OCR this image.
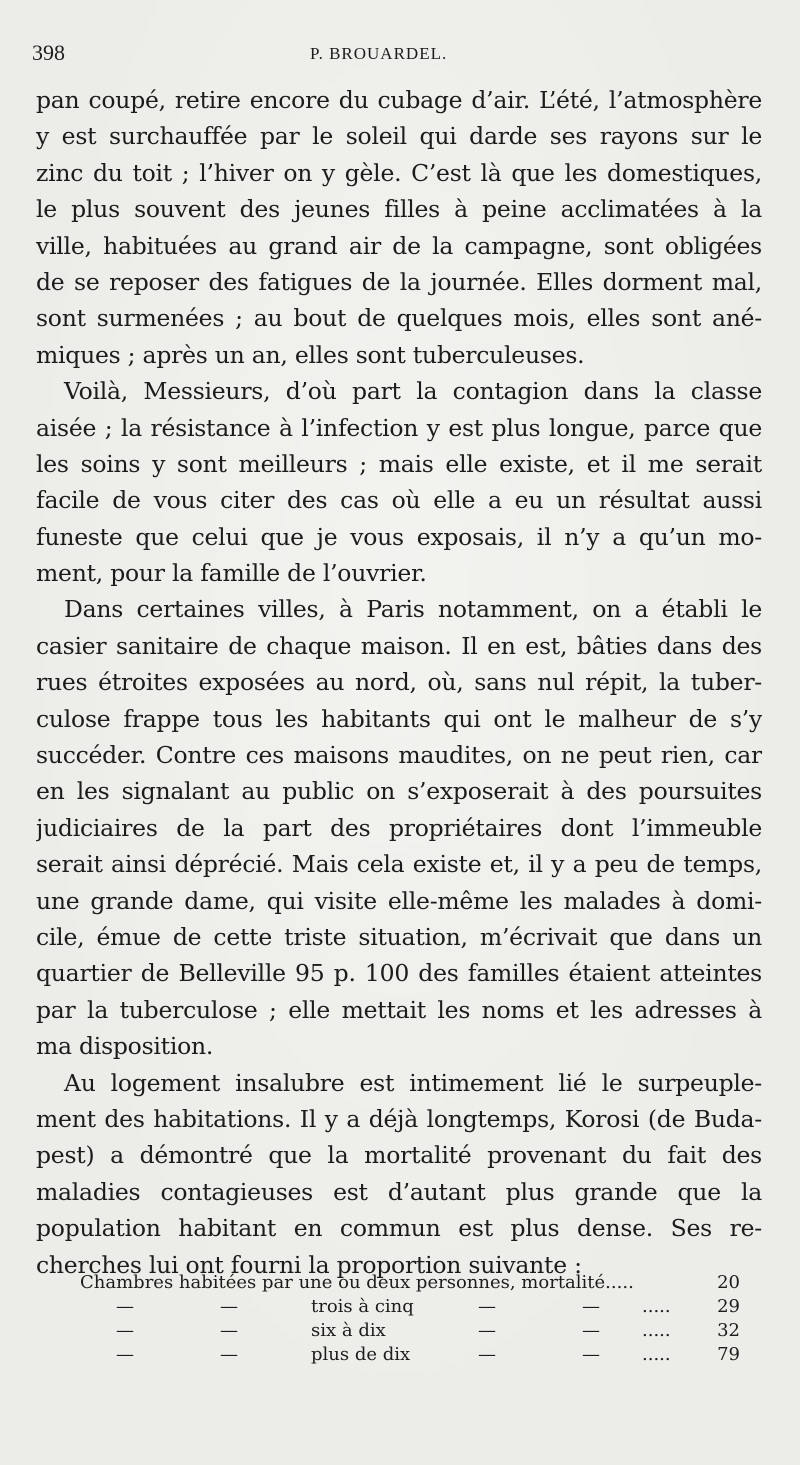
398	P. BROUARDEL.
pan coupé, retire encore du cubage d’air. L’été, l’atmosphère
y est surchauffée par le soleil qui darde ses rayons sur le
zinc du toit ; l’hiver on y gèle. C’est là que les domestiques,
le plus souvent des jeunes filles à peine acclimatées à la
ville, habituées au grand air de la campagne, sont obligées
de se reposer des fatigues de la journée. Elles dorment mal,
sont surmenées ; au bout de quelques mois, elles sont ané-
miques ; après un an, elles sont tuberculeuses.
Voilà, Messieurs, d’où part la contagion dans la classe
aisée ; la résistance à l’infection y est plus longue, parce que
les soins y sont meilleurs ; mais elle existe, et il me serait
facile de vous citer des cas où elle a eu un résultat aussi
funeste que celui que je vous exposais, il n’y a qu’un mo-
ment, pour la famille de l’ouvrier.
Dans certaines villes, à Paris notamment, on a établi le
casier sanitaire de chaque maison. Il en est, bâties dans des
rues étroites exposées au nord, où, sans nul répit, la tuber-
culose frappe tous les habitants qui ont le malheur de s’y
succéder. Contre ces maisons maudites, on ne peut rien, car
en les signalant au public on s’exposerait à des poursuites
judiciaires de la part des propriétaires dont l’immeuble
serait ainsi déprécié. Mais cela existe et, il y a peu de temps,
une grande dame, qui visite elle-même les malades à domi-
cile, émue de cette triste situation, m’écrivait que dans un
quartier de Belleville 95 p. 100 des familles étaient atteintes
par la tuberculose ; elle mettait les noms et les adresses à
ma disposition.
Au logement insalubre est intimement lié le surpeuple-
ment des habitations. Il y a déjà longtemps, Korosi (de Buda-
pest) a démontré que la mortalité provenant du fait des
maladies contagieuses est d’autant plus grande que la
population habitant en commun est plus dense. Ses re-
cherches lui ont fourni la proportion suivante :
Chambres habitées par une ou deux personnes, mortalité.....	20
—	—	trois à cinq	—	— .....	29
—	—	six à dix	—	— .....	32
—	—	plus de dix	—	— .....	79
